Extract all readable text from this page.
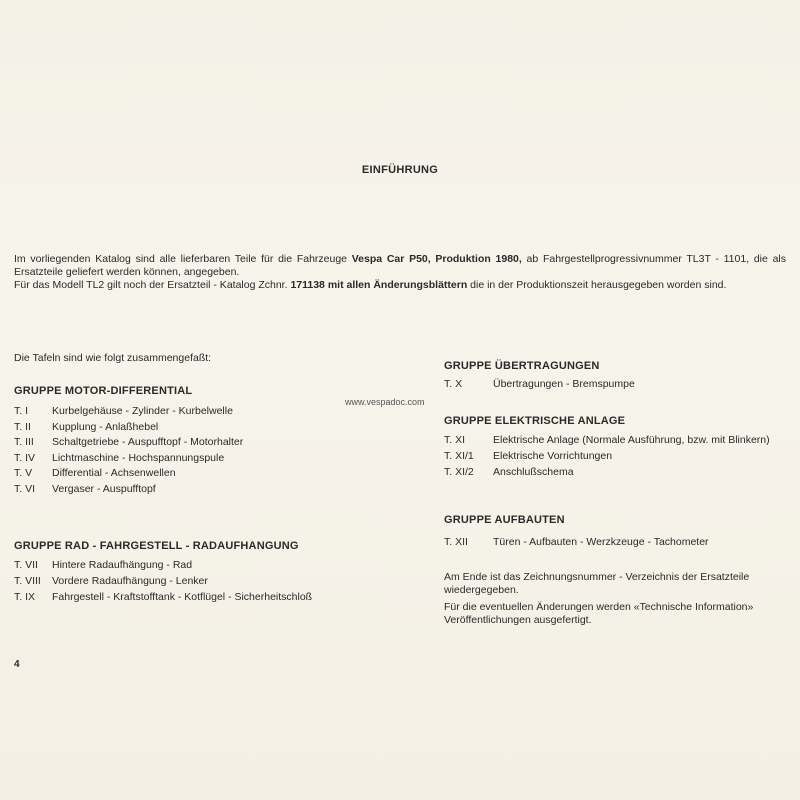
EINFÜHRUNG
Im vorliegenden Katalog sind alle lieferbaren Teile für die Fahrzeuge Vespa Car P50, Produktion 1980, ab Fahrgestellprogressivnummer TL3T - 1101, die als Ersatzteile geliefert werden können, angegeben.
Für das Modell TL2 gilt noch der Ersatzteil - Katalog Zchnr. 171138 mit allen Änderungsblättern die in der Produktionszeit herausgegeben worden sind.
Die Tafeln sind wie folgt zusammengefaßt:
www.vespadoc.com
GRUPPE MOTOR-DIFFERENTIAL
T. I	Kurbelgehäuse - Zylinder - Kurbelwelle
T. II	Kupplung - Anlaßhebel
T. III	Schaltgetriebe - Auspufftopf - Motorhalter
T. IV	Lichtmaschine - Hochspannungspule
T. V	Differential - Achsenwellen
T. VI	Vergaser - Auspufftopf
GRUPPE RAD - FAHRGESTELL - RADAUFHANGUNG
T. VII	Hintere Radaufhängung - Rad
T. VIII	Vordere Radaufhängung - Lenker
T. IX	Fahrgestell - Kraftstofftank - Kotflügel - Sicherheitschloß
GRUPPE ÜBERTRAGUNGEN
T. X	Übertragungen - Bremspumpe
GRUPPE ELEKTRISCHE ANLAGE
T. XI	Elektrische Anlage (Normale Ausführung, bzw. mit Blinkern)
T. XI/1	Elektrische Vorrichtungen
T. XI/2	Anschlußschema
GRUPPE AUFBAUTEN
T. XII	Türen - Aufbauten - Werzkzeuge - Tachometer
Am Ende ist das Zeichnungsnummer - Verzeichnis der Ersatzteile wiedergegeben.
Für die eventuellen Änderungen werden «Technische Information» Veröffentlichungen ausgefertigt.
4
